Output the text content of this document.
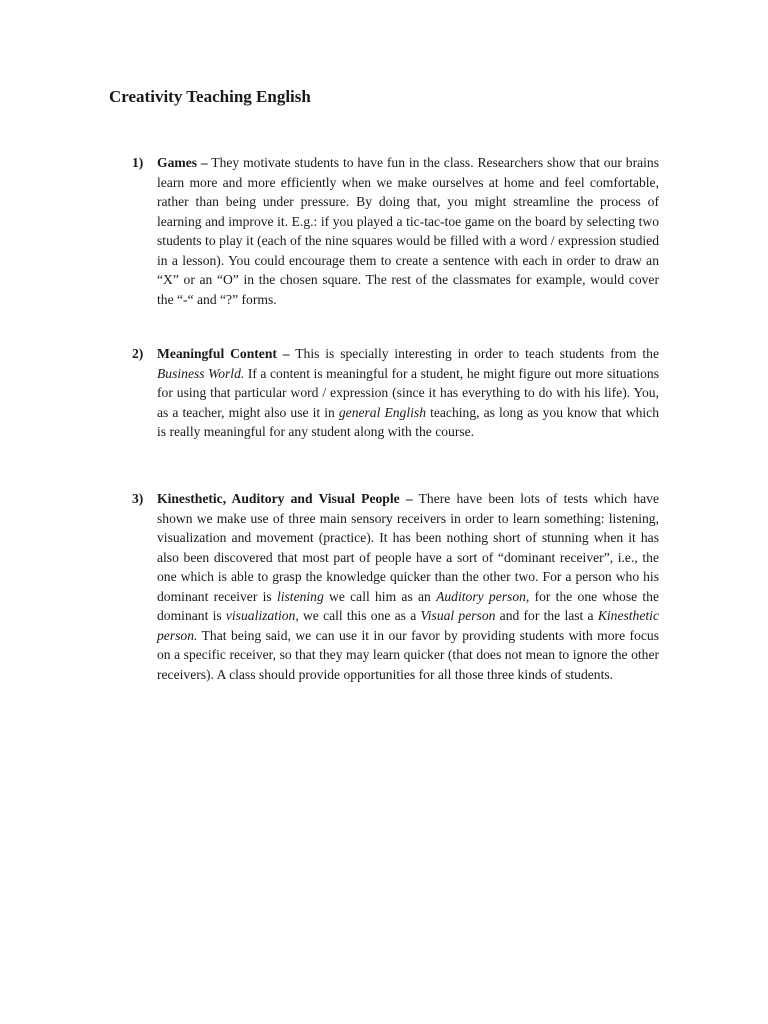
Creativity Teaching English
1)	Games – They motivate students to have fun in the class. Researchers show that our brains learn more and more efficiently when we make ourselves at home and feel comfortable, rather than being under pressure. By doing that, you might streamline the process of learning and improve it. E.g.: if you played a tic-tac-toe game on the board by selecting two students to play it (each of the nine squares would be filled with a word / expression studied in a lesson). You could encourage them to create a sentence with each in order to draw an “X” or an “O” in the chosen square. The rest of the classmates for example, would cover the “-“ and “?” forms.
2)	Meaningful Content – This is specially interesting in order to teach students from the Business World. If a content is meaningful for a student, he might figure out more situations for using that particular word / expression (since it has everything to do with his life). You, as a teacher, might also use it in general English teaching, as long as you know that which is really meaningful for any student along with the course.
3)	Kinesthetic, Auditory and Visual People – There have been lots of tests which have shown we make use of three main sensory receivers in order to learn something: listening, visualization and movement (practice). It has been nothing short of stunning when it has also been discovered that most part of people have a sort of “dominant receiver”, i.e., the one which is able to grasp the knowledge quicker than the other two. For a person who his dominant receiver is listening we call him as an Auditory person, for the one whose the dominant is visualization, we call this one as a Visual person and for the last a Kinesthetic person. That being said, we can use it in our favor by providing students with more focus on a specific receiver, so that they may learn quicker (that does not mean to ignore the other receivers). A class should provide opportunities for all those three kinds of students.
